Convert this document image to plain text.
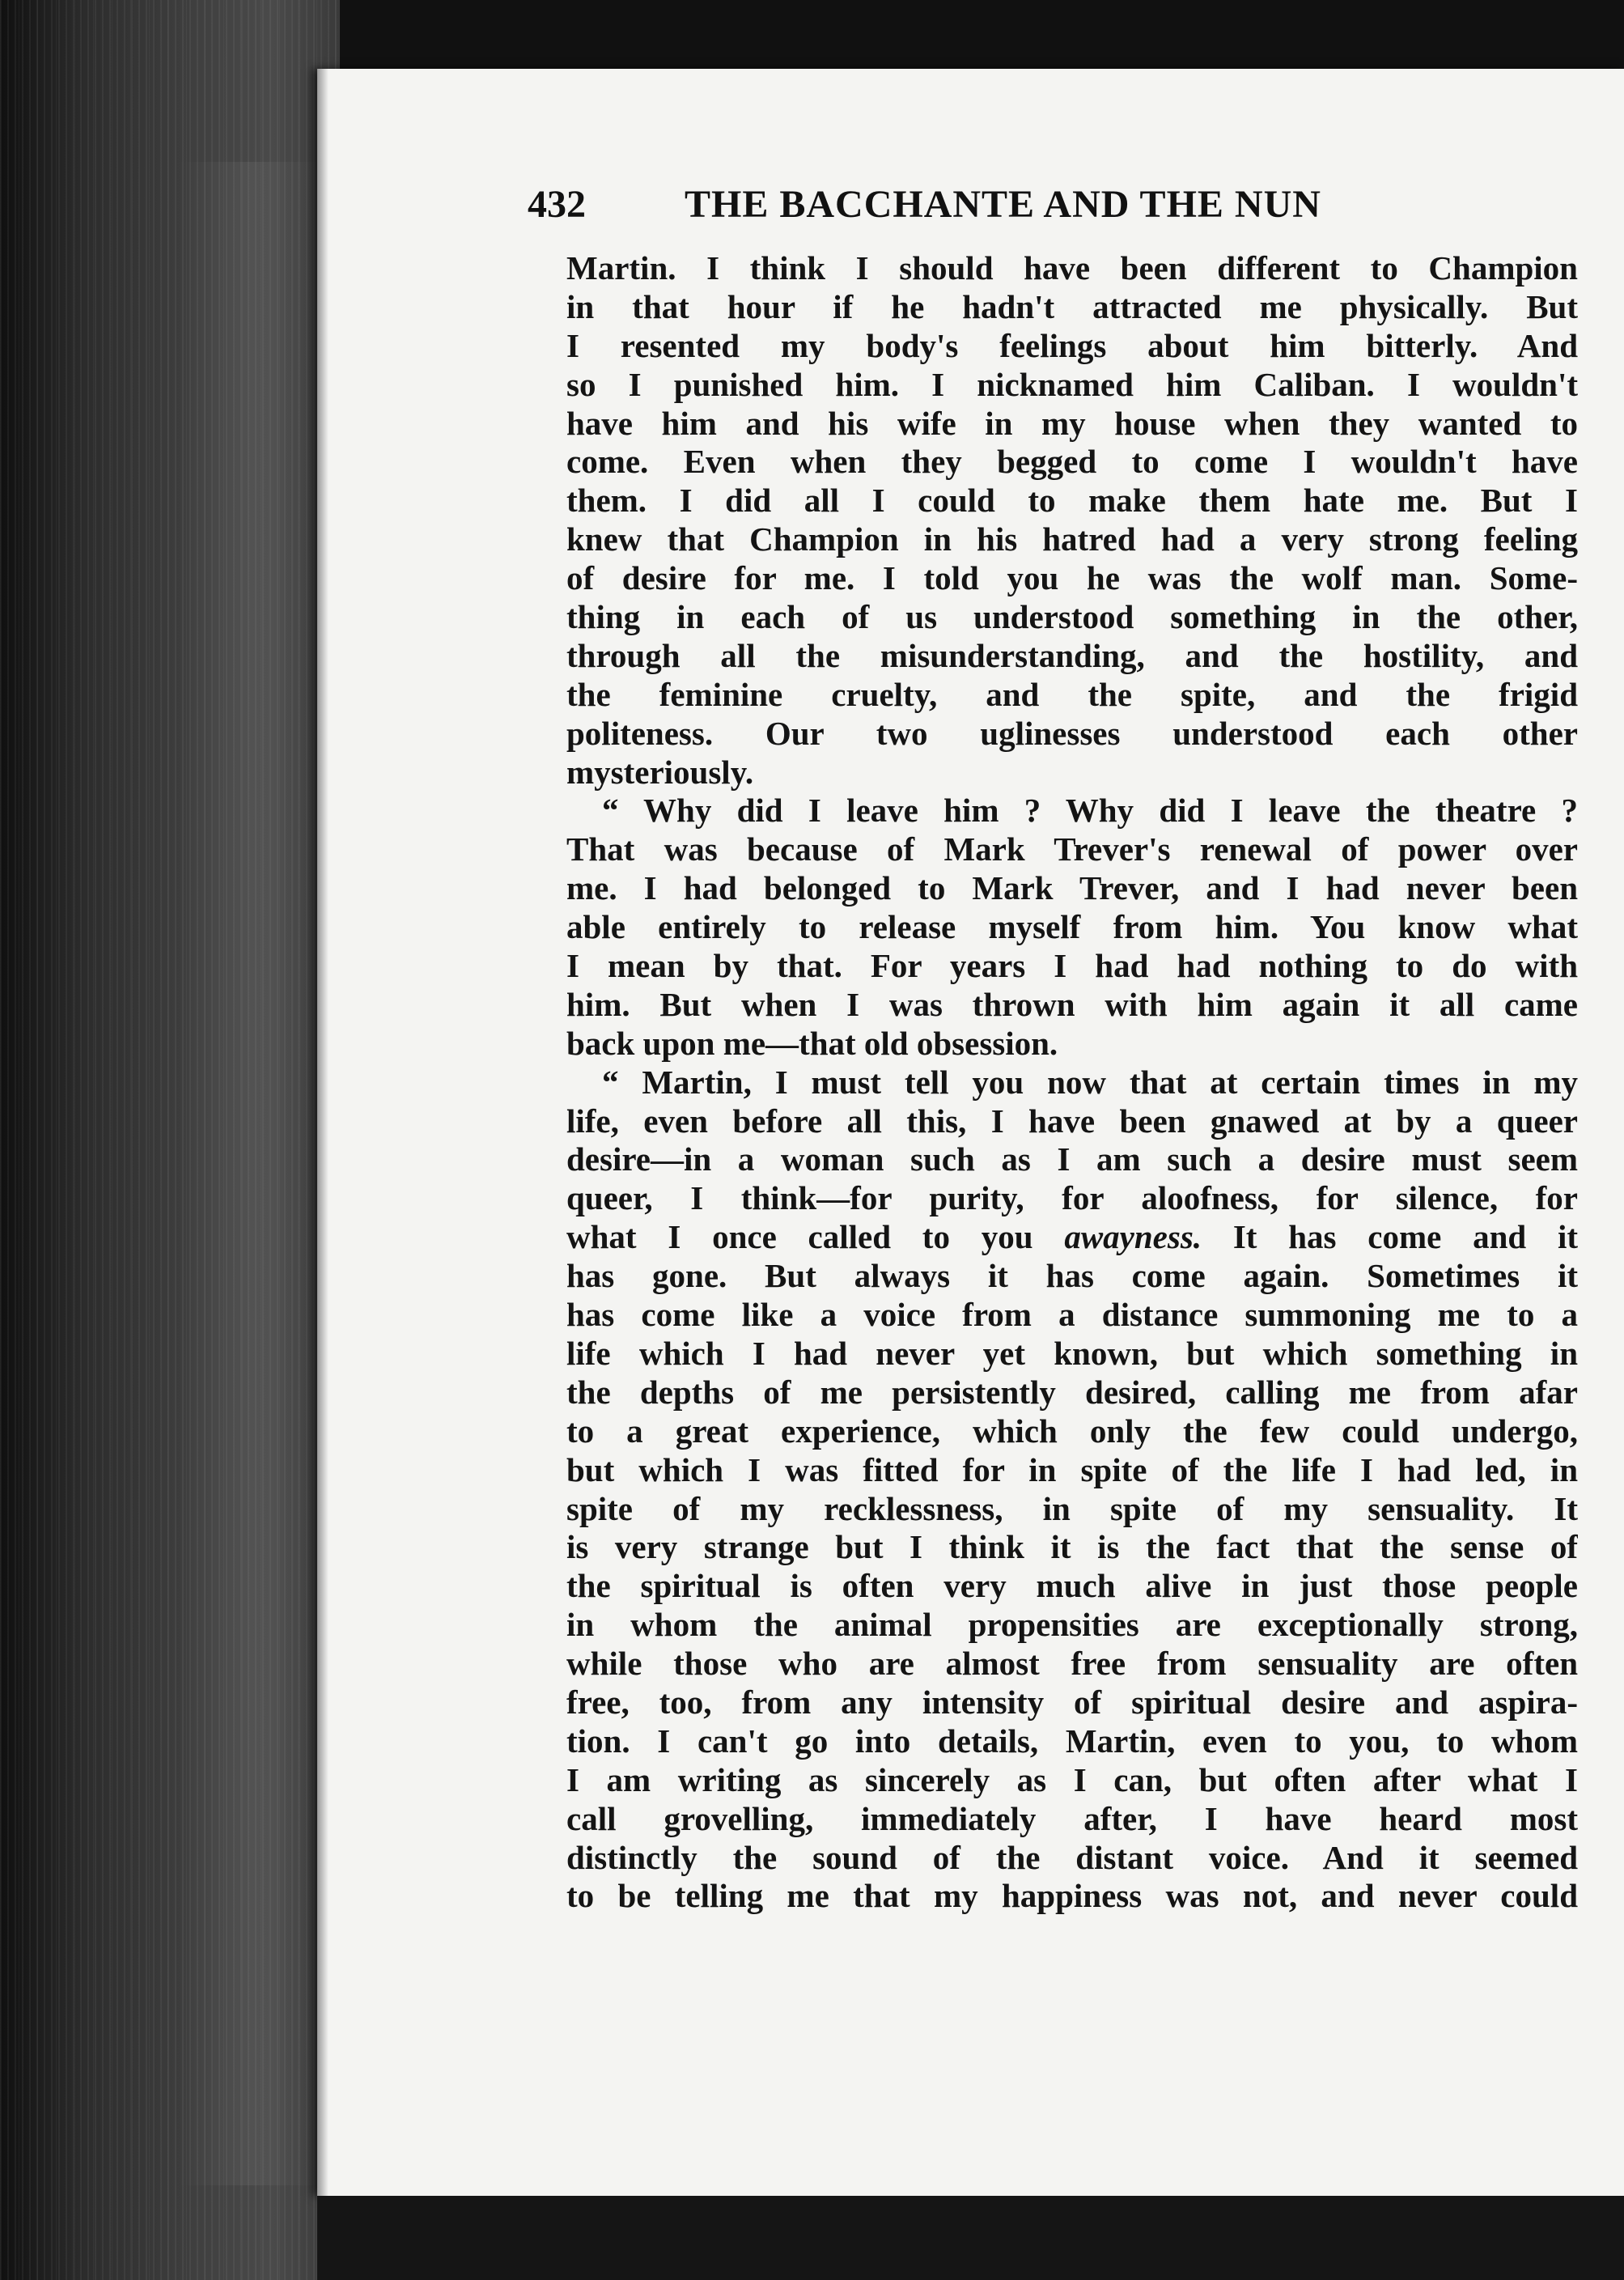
432	THE BACCHANTE AND THE NUN
Martin. I think I should have been different to Champion
in that hour if he hadn't attracted me physically. But
I resented my body's feelings about him bitterly. And
so I punished him. I nicknamed him Caliban. I wouldn't
have him and his wife in my house when they wanted to
come. Even when they begged to come I wouldn't have
them. I did all I could to make them hate me. But I
knew that Champion in his hatred had a very strong feeling
of desire for me. I told you he was the wolf man. Some-
thing in each of us understood something in the other,
through all the misunderstanding, and the hostility, and
the feminine cruelty, and the spite, and the frigid
politeness. Our two uglinesses understood each other
mysteriously.
“ Why did I leave him ? Why did I leave the theatre ?
That was because of Mark Trever's renewal of power over
me. I had belonged to Mark Trever, and I had never been
able entirely to release myself from him. You know what
I mean by that. For years I had had nothing to do with
him. But when I was thrown with him again it all came
back upon me—that old obsession.
“ Martin, I must tell you now that at certain times in my
life, even before all this, I have been gnawed at by a queer
desire—in a woman such as I am such a desire must seem
queer, I think—for purity, for aloofness, for silence, for
what I once called to you awayness. It has come and it
has gone. But always it has come again. Sometimes it
has come like a voice from a distance summoning me to a
life which I had never yet known, but which something in
the depths of me persistently desired, calling me from afar
to a great experience, which only the few could undergo,
but which I was fitted for in spite of the life I had led, in
spite of my recklessness, in spite of my sensuality. It
is very strange but I think it is the fact that the sense of
the spiritual is often very much alive in just those people
in whom the animal propensities are exceptionally strong,
while those who are almost free from sensuality are often
free, too, from any intensity of spiritual desire and aspira-
tion. I can't go into details, Martin, even to you, to whom
I am writing as sincerely as I can, but often after what I
call grovelling, immediately after, I have heard most
distinctly the sound of the distant voice. And it seemed
to be telling me that my happiness was not, and never could
